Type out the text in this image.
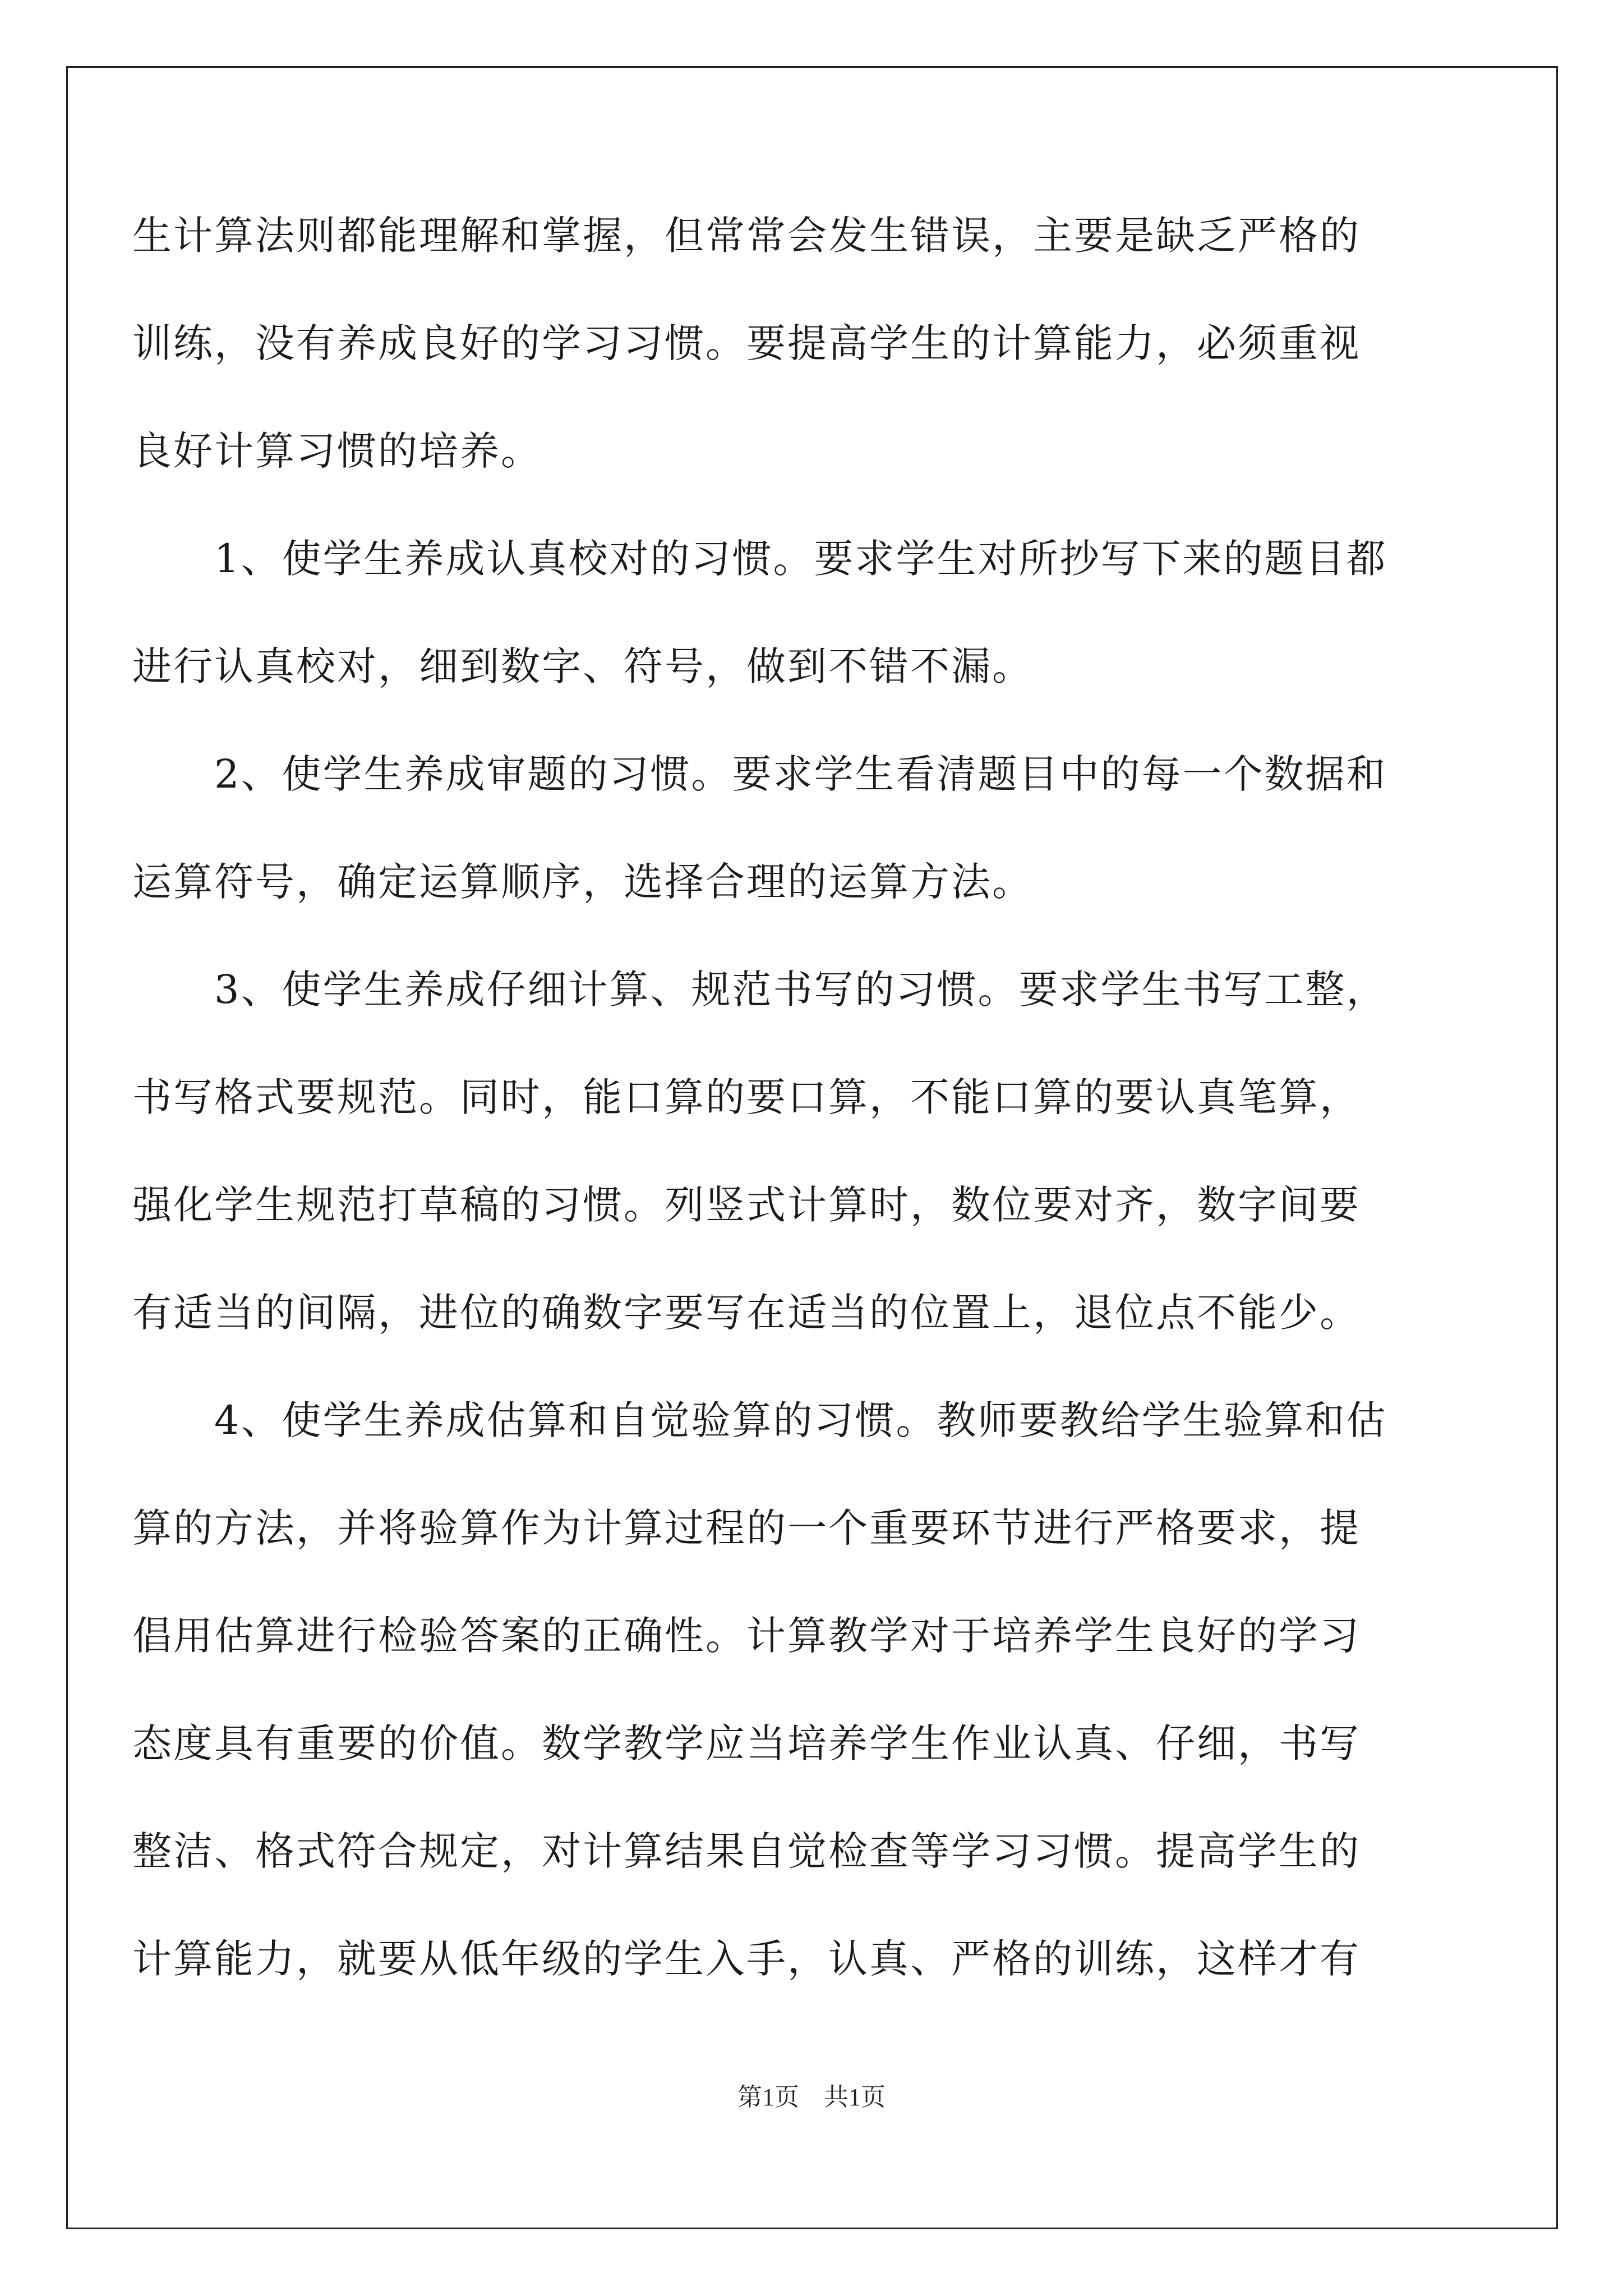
生计算法则都能理解和掌握，但常常会发生错误，主要是缺乏严格的
训练，没有养成良好的学习习惯。要提高学生的计算能力，必须重视
良好计算习惯的培养。
　　1、使学生养成认真校对的习惯。要求学生对所抄写下来的题目都
进行认真校对，细到数字、符号，做到不错不漏。
　　2、使学生养成审题的习惯。要求学生看清题目中的每一个数据和
运算符号，确定运算顺序，选择合理的运算方法。
　　3、使学生养成仔细计算、规范书写的习惯。要求学生书写工整，
书写格式要规范。同时，能口算的要口算，不能口算的要认真笔算，
强化学生规范打草稿的习惯。列竖式计算时，数位要对齐，数字间要
有适当的间隔，进位的确数字要写在适当的位置上，退位点不能少。
　　4、使学生养成估算和自觉验算的习惯。教师要教给学生验算和估
算的方法，并将验算作为计算过程的一个重要环节进行严格要求，提
倡用估算进行检验答案的正确性。计算教学对于培养学生良好的学习
态度具有重要的价值。数学教学应当培养学生作业认真、仔细，书写
整洁、格式符合规定，对计算结果自觉检查等学习习惯。提高学生的
计算能力，就要从低年级的学生入手，认真、严格的训练，这样才有
第1页　共1页
